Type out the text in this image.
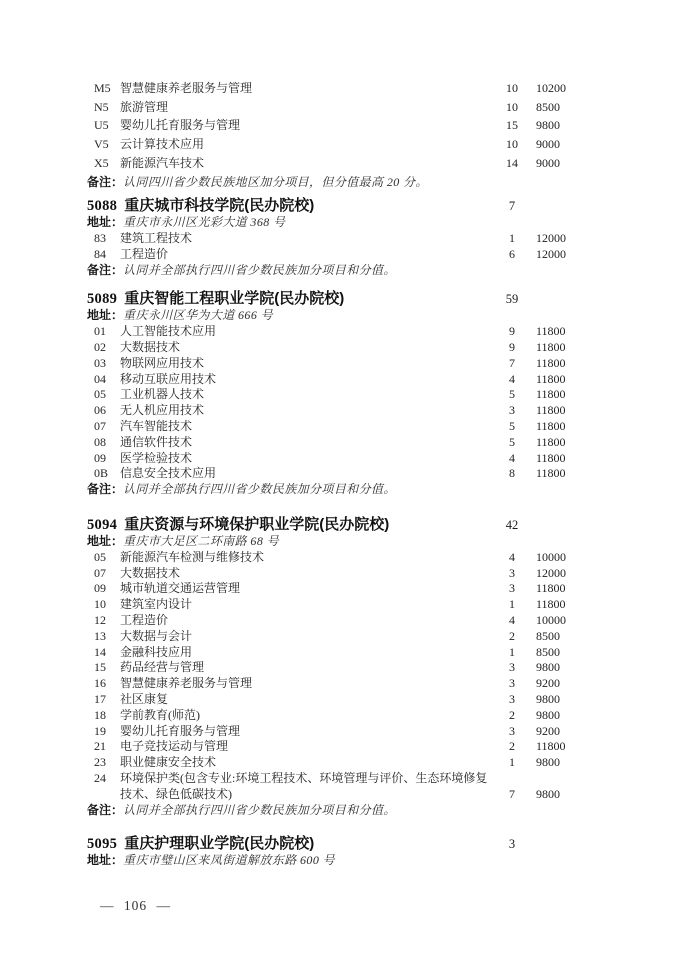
M5 智慧健康养老服务与管理	10	10200
N5 旅游管理	10	8500
U5 婴幼儿托育服务与管理	15	9800
V5 云计算技术应用	10	9000
X5 新能源汽车技术	14	9000
备注：认同四川省少数民族地区加分项目，但分值最高 20 分。
5088 重庆城市科技学院(民办院校)	7
地址：重庆市永川区光彩大道 368 号
83	建筑工程技术	1	12000
84	工程造价	6	12000
备注：认同并全部执行四川省少数民族加分项目和分值。
5089 重庆智能工程职业学院(民办院校)	59
地址：重庆永川区华为大道 666 号
01	人工智能技术应用	9	11800
02	大数据技术	9	11800
03	物联网应用技术	7	11800
04	移动互联应用技术	4	11800
05	工业机器人技术	5	11800
06	无人机应用技术	3	11800
07	汽车智能技术	5	11800
08	通信软件技术	5	11800
09	医学检验技术	4	11800
0B 信息安全技术应用	8	11800
备注：认同并全部执行四川省少数民族加分项目和分值。
5094 重庆资源与环境保护职业学院(民办院校)	42
地址：重庆市大足区二环南路 68 号
05	新能源汽车检测与维修技术	4	10000
07	大数据技术	3	12000
09	城市轨道交通运营管理	3	11800
10	建筑室内设计	1	11800
12	工程造价	4	10000
13	大数据与会计	2	8500
14	金融科技应用	1	8500
15	药品经营与管理	3	9800
16	智慧健康养老服务与管理	3	9200
17	社区康复	3	9800
18	学前教育(师范)	2	9800
19	婴幼儿托育服务与管理	3	9200
21	电子竞技运动与管理	2	11800
23	职业健康安全技术	1	9800
24	环境保护类(包含专业:环境工程技术、环境管理与评价、生态环境修复
技术、绿色低碳技术)	7	9800
备注：认同并全部执行四川省少数民族加分项目和分值。
5095 重庆护理职业学院(民办院校)	3
地址：重庆市璧山区来凤街道解放东路 600 号
— 106 —
